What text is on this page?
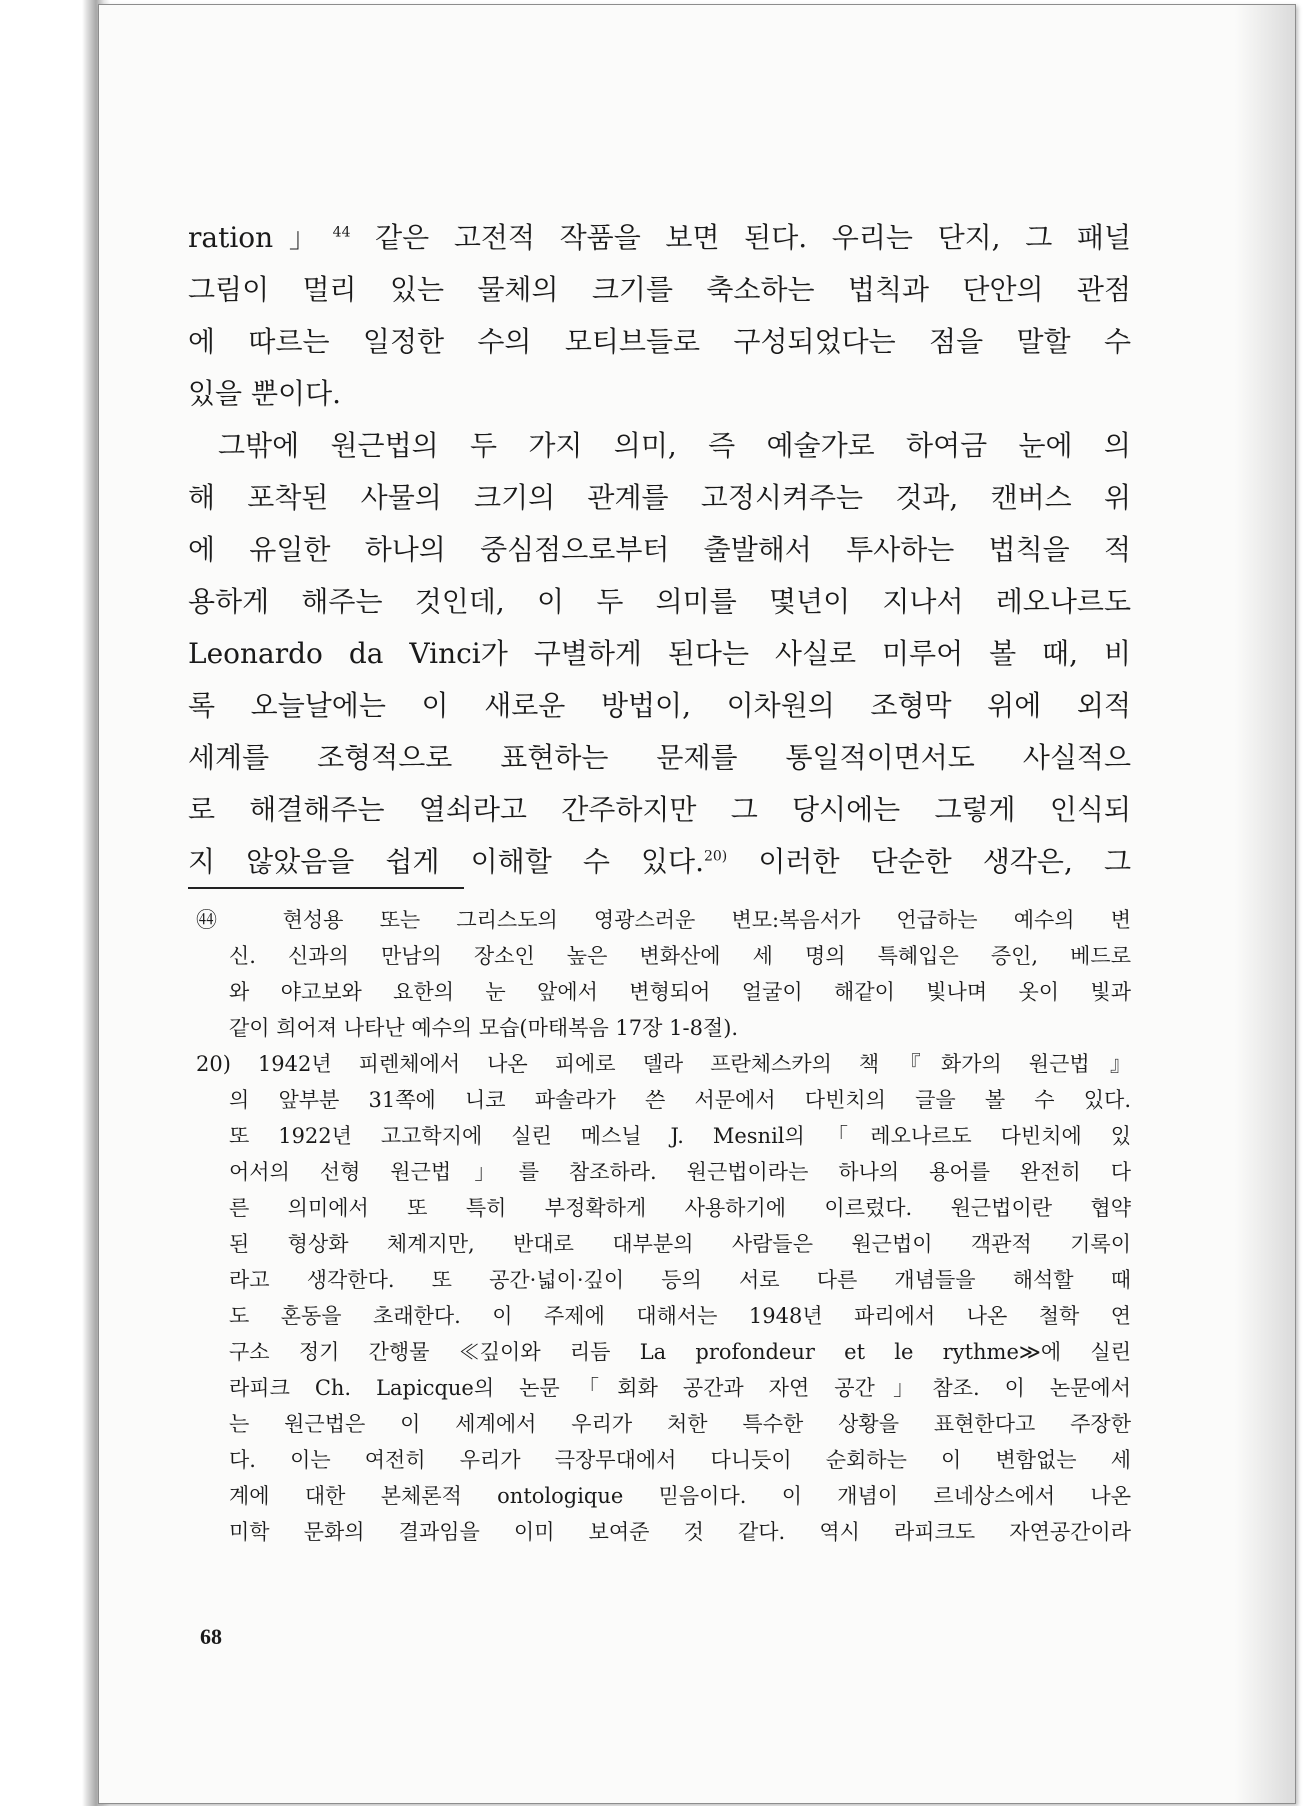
ration」$^{44}$ 같은 고전적 작품을 보면 된다. 우리는 단지, 그 패널
그림이 멀리 있는 물체의 크기를 축소하는 법칙과 단안의 관점
에 따르는 일정한 수의 모티브들로 구성되었다는 점을 말할 수
있을 뿐이다.
그밖에 원근법의 두 가지 의미, 즉 예술가로 하여금 눈에 의
해 포착된 사물의 크기의 관계를 고정시켜주는 것과, 캔버스 위
에 유일한 하나의 중심점으로부터 출발해서 투사하는 법칙을 적
용하게 해주는 것인데, 이 두 의미를 몇년이 지나서 레오나르도
Leonardo da Vinci가 구별하게 된다는 사실로 미루어 볼 때, 비
록 오늘날에는 이 새로운 방법이, 이차원의 조형막 위에 외적
세계를 조형적으로 표현하는 문제를 통일적이면서도 사실적으
로 해결해주는 열쇠라고 간주하지만 그 당시에는 그렇게 인식되
지 않았음을 쉽게 이해할 수 있다.$^{20)}$ 이러한 단순한 생각은, 그
㊹ 현성용 또는 그리스도의 영광스러운 변모:복음서가 언급하는 예수의 변
신. 신과의 만남의 장소인 높은 변화산에 세 명의 특혜입은 증인, 베드로
와 야고보와 요한의 눈 앞에서 변형되어 얼굴이 해같이 빛나며 옷이 빛과
같이 희어져 나타난 예수의 모습(마태복음 17장 1-8절).
20) 1942년 피렌체에서 나온 피에로 델라 프란체스카의 책『화가의 원근법』
의 앞부분 31쪽에 니코 파솔라가 쓴 서문에서 다빈치의 글을 볼 수 있다.
또 1922년 고고학지에 실린 메스닐 J. Mesnil의「레오나르도 다빈치에 있
어서의 선형 원근법」를 참조하라. 원근법이라는 하나의 용어를 완전히 다
른 의미에서 또 특히 부정확하게 사용하기에 이르렀다. 원근법이란 협약
된 형상화 체계지만, 반대로 대부분의 사람들은 원근법이 객관적 기록이
라고 생각한다. 또 공간·넓이·깊이 등의 서로 다른 개념들을 해석할 때
도 혼동을 초래한다. 이 주제에 대해서는 1948년 파리에서 나온 철학 연
구소 정기 간행물 ≪깊이와 리듬 La profondeur et le rythme≫에 실린
라피크 Ch. Lapicque의 논문「회화 공간과 자연 공간」참조. 이 논문에서
는 원근법은 이 세계에서 우리가 처한 특수한 상황을 표현한다고 주장한
다. 이는 여전히 우리가 극장무대에서 다니듯이 순회하는 이 변함없는 세
계에 대한 본체론적 ontologique 믿음이다. 이 개념이 르네상스에서 나온
미학 문화의 결과임을 이미 보여준 것 같다. 역시 라피크도 자연공간이라
68
